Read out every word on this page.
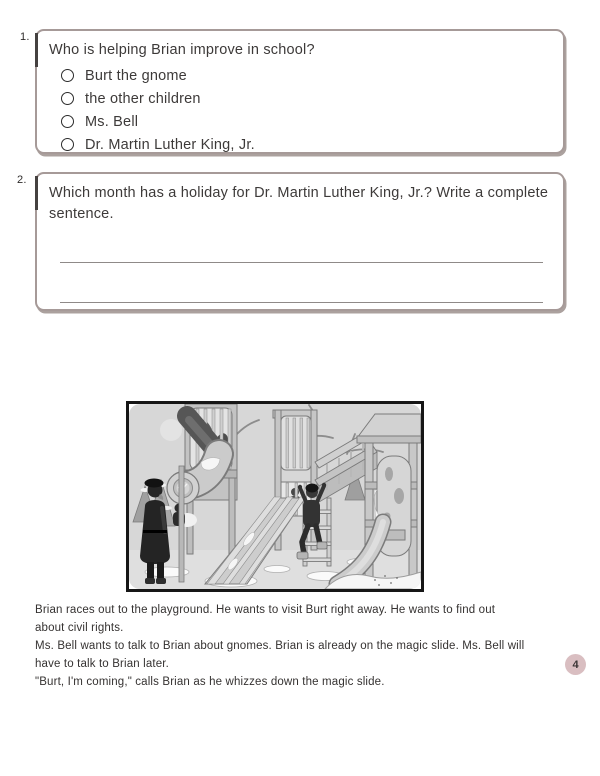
1.
Who is helping Brian improve in school?
Burt the gnome
the other children
Ms. Bell
Dr. Martin Luther King, Jr.
2.
Which month has a holiday for Dr. Martin Luther King, Jr.? Write a complete sentence.
Brian races out to the playground. He wants to visit Burt right away. He wants to find out
about civil rights.
Ms. Bell wants to talk to Brian about gnomes. Brian is already on the magic slide. Ms. Bell will
have to talk to Brian later.
"Burt, I'm coming," calls Brian as he whizzes down the magic slide.
4
